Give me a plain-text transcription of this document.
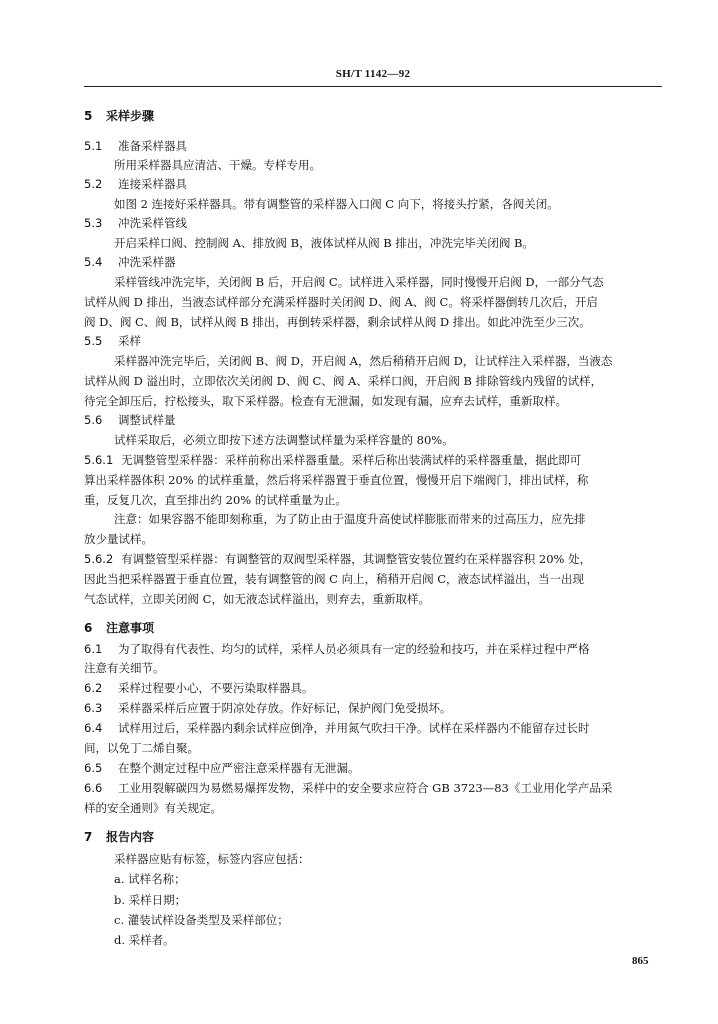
SH/T 1142—92
5 采样步骤
5.1 准备采样器具
所用采样器具应清洁、干燥。专样专用。
5.2 连接采样器具
如图 2 连接好采样器具。带有调整管的采样器入口阀 C 向下，将接头拧紧，各阀关闭。
5.3 冲洗采样管线
开启采样口阀、控制阀 A、排放阀 B，液体试样从阀 B 排出，冲洗完毕关闭阀 B。
5.4 冲洗采样器
采样管线冲洗完毕，关闭阀 B 后，开启阀 C。试样进入采样器，同时慢慢开启阀 D，一部分气态
试样从阀 D 排出，当液态试样部分充满采样器时关闭阀 D、阀 A、阀 C。将采样器倒转几次后，开启
阀 D、阀 C、阀 B，试样从阀 B 排出，再倒转采样器，剩余试样从阀 D 排出。如此冲洗至少三次。
5.5 采样
采样器冲洗完毕后，关闭阀 B、阀 D，开启阀 A，然后稍稍开启阀 D，让试样注入采样器，当液态
试样从阀 D 溢出时，立即依次关闭阀 D、阀 C、阀 A、采样口阀，开启阀 B 排除管线内残留的试样，
待完全卸压后，拧松接头，取下采样器。检查有无泄漏，如发现有漏，应弃去试样，重新取样。
5.6 调整试样量
试样采取后，必须立即按下述方法调整试样量为采样容量的 80%。
5.6.1 无调整管型采样器：采样前称出采样器重量。采样后称出装满试样的采样器重量，据此即可
算出采样器体积 20% 的试样重量，然后将采样器置于垂直位置，慢慢开启下端阀门，排出试样，称
重，反复几次，直至排出约 20% 的试样重量为止。
注意：如果容器不能即刻称重，为了防止由于温度升高使试样膨胀而带来的过高压力，应先排
放少量试样。
5.6.2 有调整管型采样器：有调整管的双阀型采样器，其调整管安装位置约在采样器容积 20% 处，
因此当把采样器置于垂直位置，装有调整管的阀 C 向上，稍稍开启阀 C，液态试样溢出，当一出现
气态试样，立即关闭阀 C，如无液态试样溢出，则弃去，重新取样。
6 注意事项
6.1 为了取得有代表性、均匀的试样，采样人员必须具有一定的经验和技巧，并在采样过程中严格
注意有关细节。
6.2 采样过程要小心，不要污染取样器具。
6.3 采样器采样后应置于阴凉处存放。作好标记，保护阀门免受损坏。
6.4 试样用过后，采样器内剩余试样应倒净，并用氮气吹扫干净。试样在采样器内不能留存过长时
间，以免丁二烯自聚。
6.5 在整个测定过程中应严密注意采样器有无泄漏。
6.6 工业用裂解碳四为易燃易爆挥发物，采样中的安全要求应符合 GB 3723—83《工业用化学产品采
样的安全通则》有关规定。
7 报告内容
采样器应贴有标签，标签内容应包括：
a. 试样名称；
b. 采样日期；
c. 灌装试样设备类型及采样部位；
d. 采样者。
865
